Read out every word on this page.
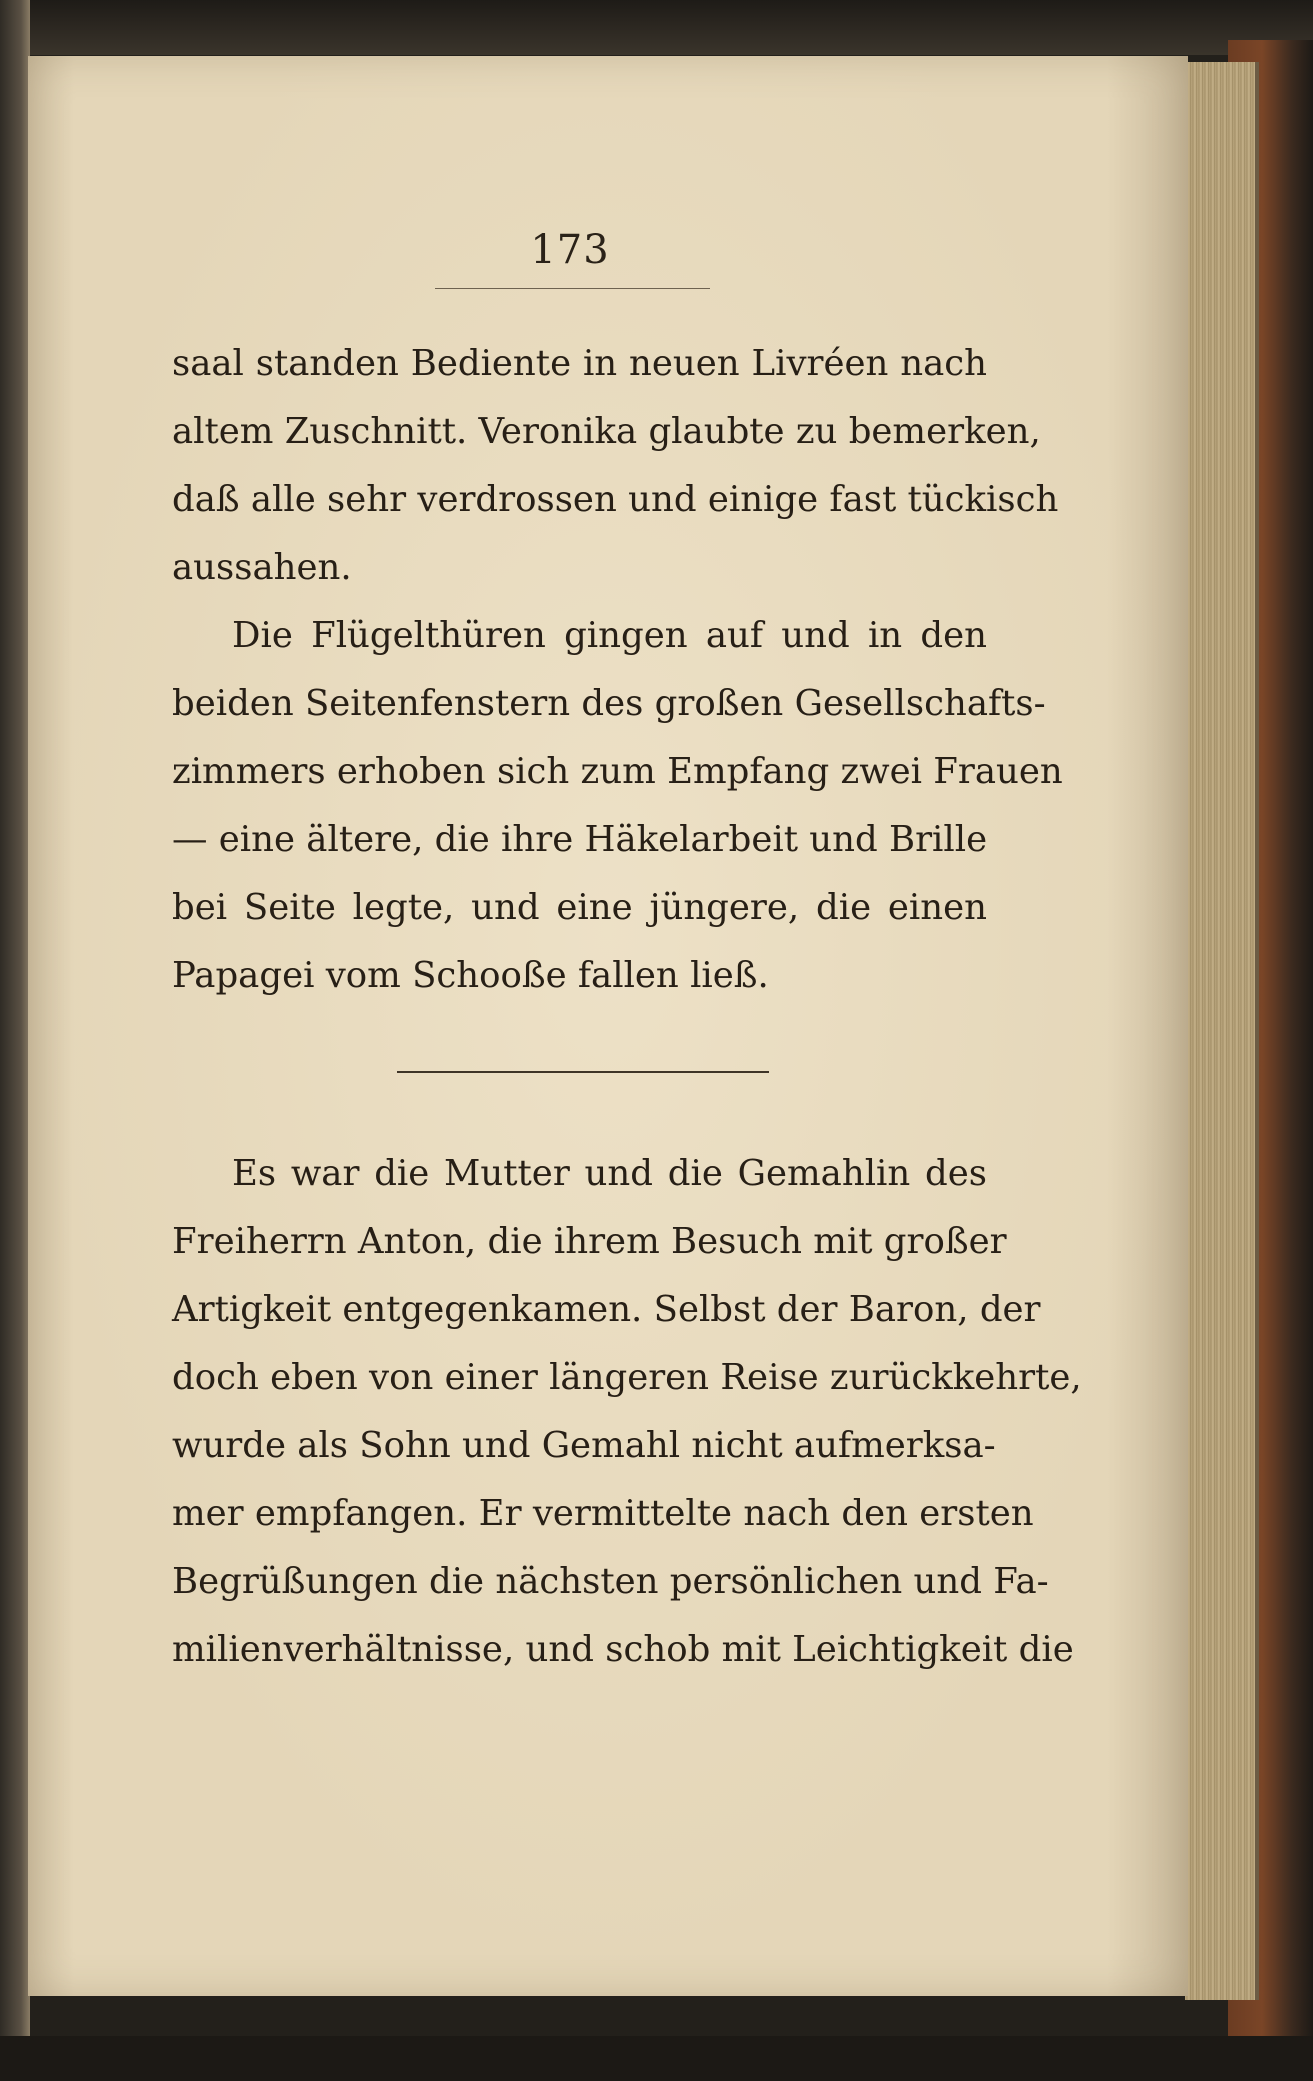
173
saal standen Bediente in neuen Livréen nach
altem Zuschnitt. Veronika glaubte zu bemerken,
daß alle sehr verdrossen und einige fast tückisch
aussahen.
Die Flügelthüren gingen auf und in den
beiden Seitenfenstern des großen Gesellschafts-
zimmers erhoben sich zum Empfang zwei Frauen
— eine ältere, die ihre Häkelarbeit und Brille
bei Seite legte, und eine jüngere, die einen
Papagei vom Schooße fallen ließ.
Es war die Mutter und die Gemahlin des
Freiherrn Anton, die ihrem Besuch mit großer
Artigkeit entgegenkamen. Selbst der Baron, der
doch eben von einer längeren Reise zurückkehrte,
wurde als Sohn und Gemahl nicht aufmerksa-
mer empfangen. Er vermittelte nach den ersten
Begrüßungen die nächsten persönlichen und Fa-
milienverhältnisse, und schob mit Leichtigkeit die
